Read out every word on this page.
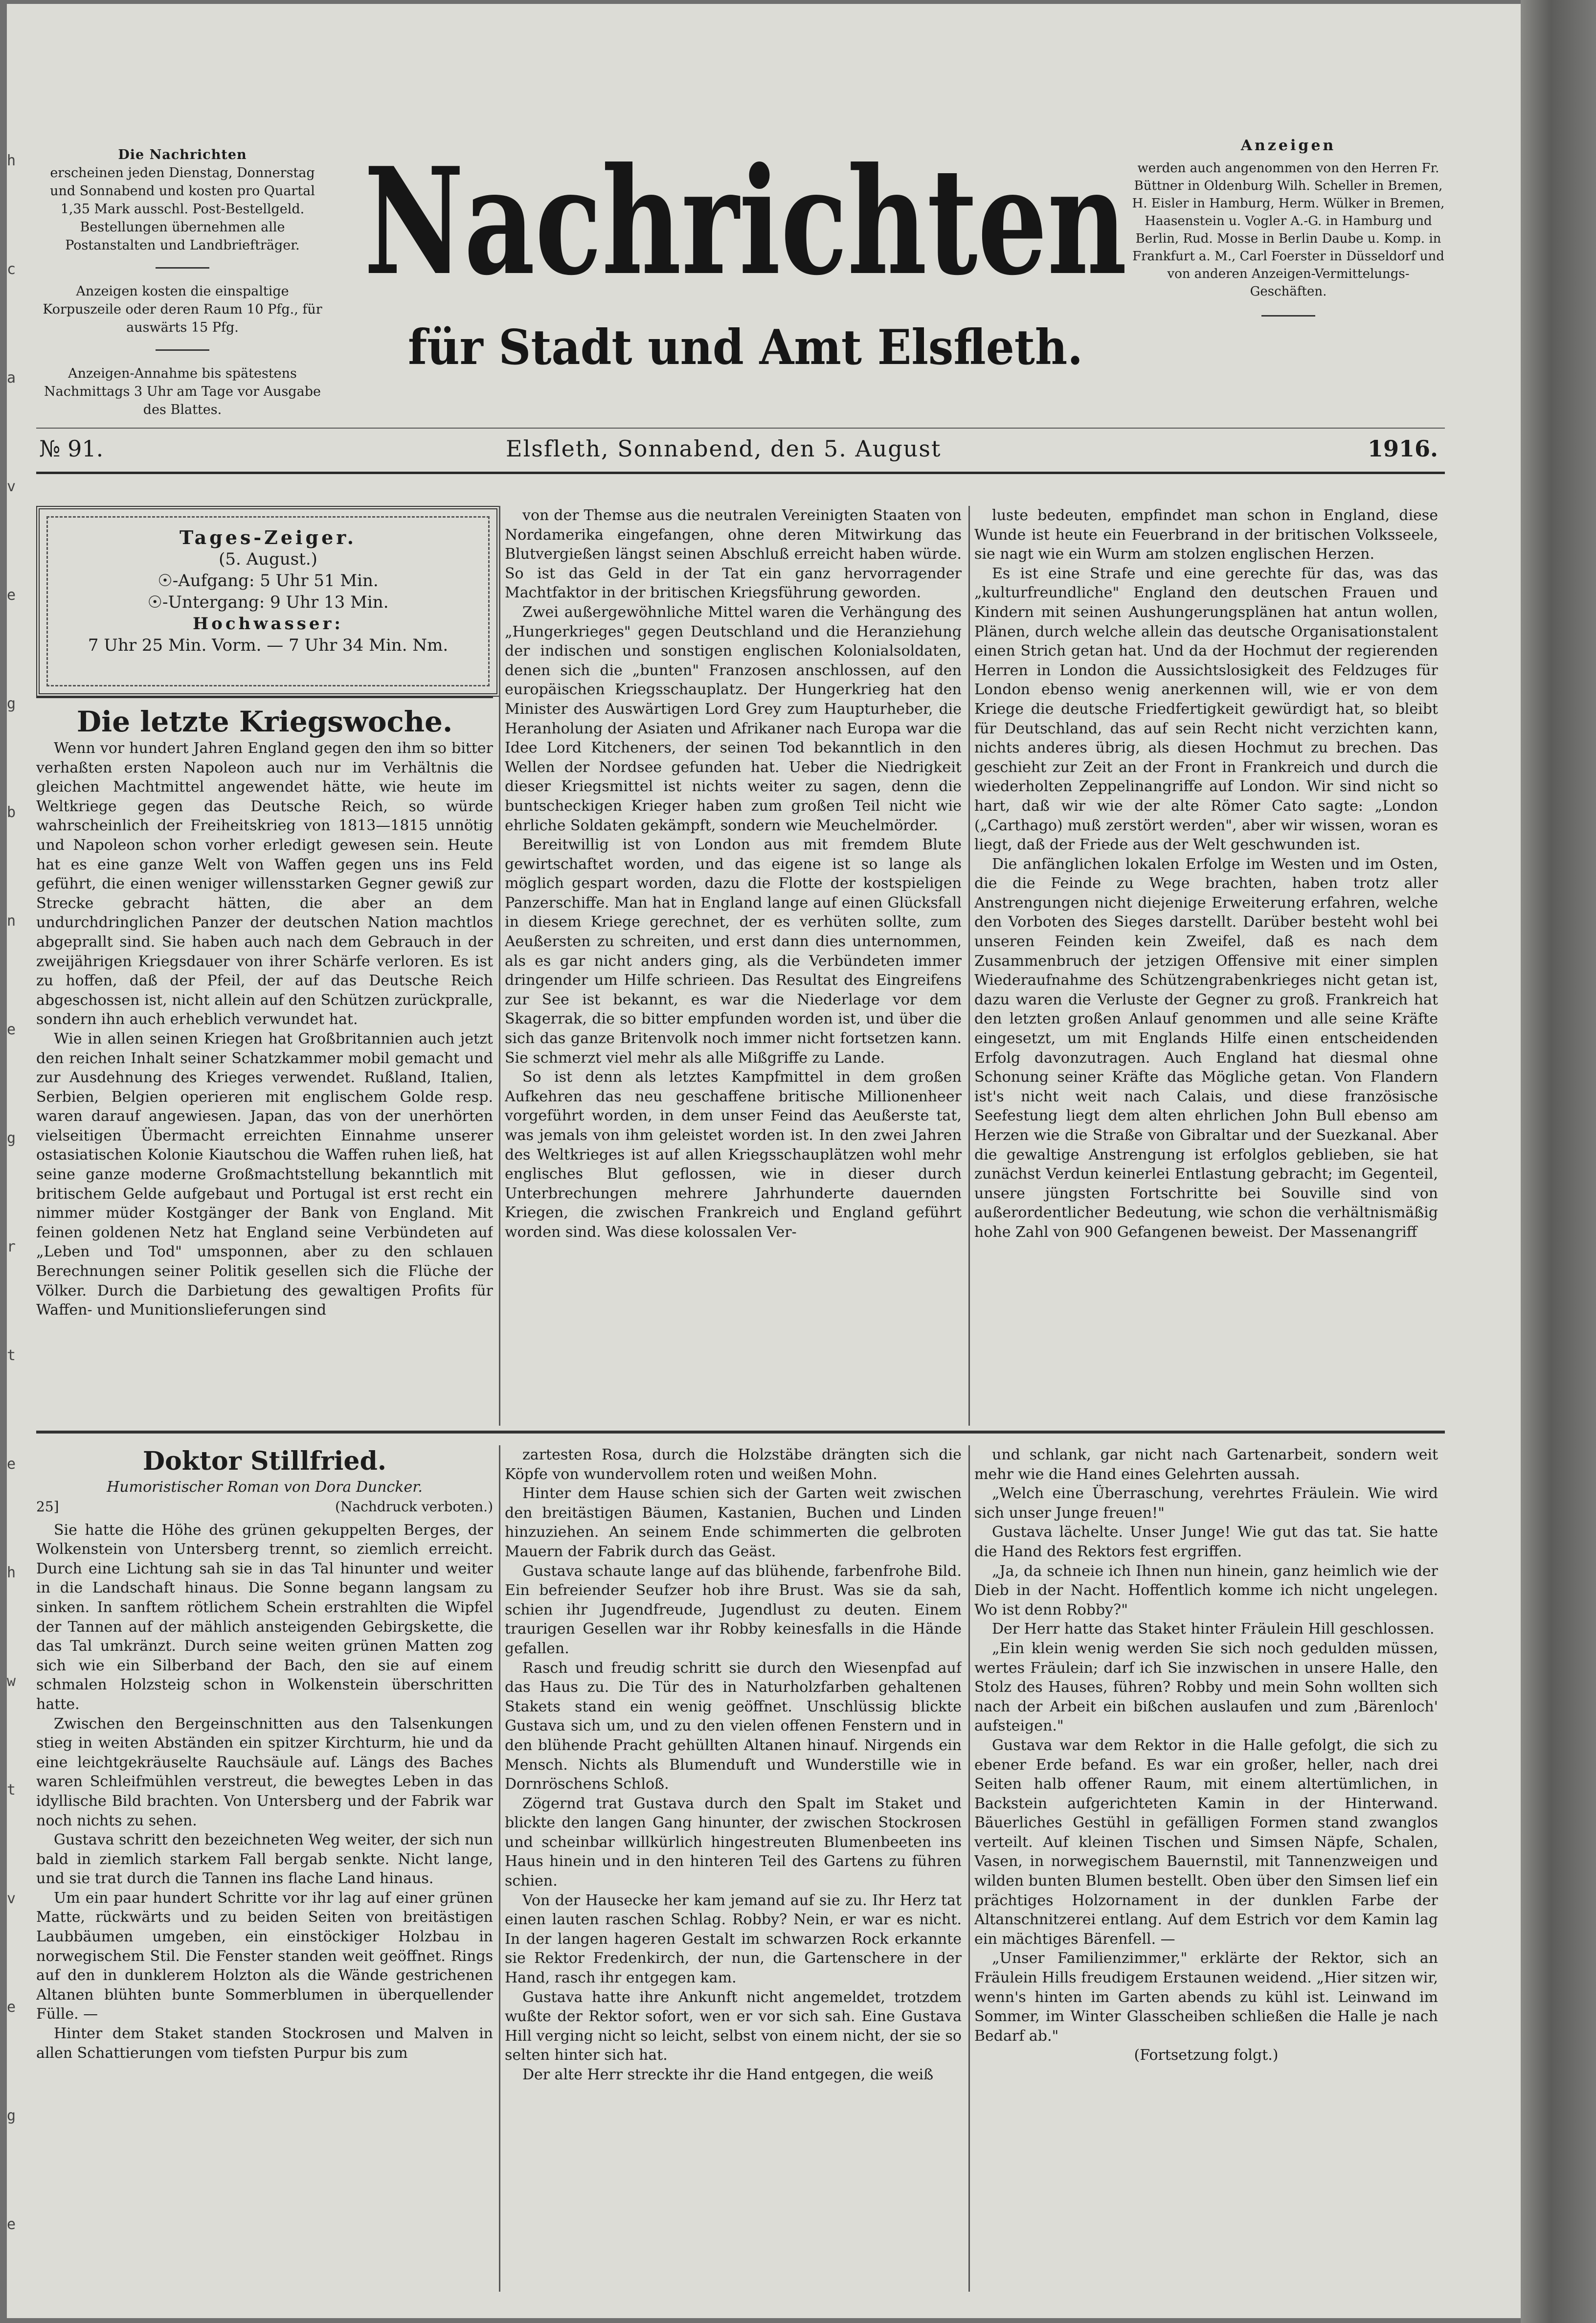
h
c
a
v
e
g
b
n
e
g
r
t
e
h
w
t
v
e
g
e

Die Nachrichten
erscheinen jeden Dienstag, Donnerstag und Sonnabend und kosten pro Quartal 1,35 Mark ausschl. Post-Bestellgeld. Bestellungen übernehmen alle Postanstalten und Landbriefträger.

Anzeigen kosten die einspaltige Korpuszeile oder deren Raum 10 Pfg., für auswärts 15 Pfg.

Anzeigen-Annahme bis spätestens Nachmittags 3 Uhr am Tage vor Ausgabe des Blattes.

Nachrichten
für Stadt und Amt Elsfleth.
Anzeigen
werden auch angenommen von den Herren Fr. Büttner in Oldenburg Wilh. Scheller in Bremen, H. Eisler in Hamburg, Herm. Wülker in Bremen, Haasenstein u. Vogler A.-G. in Hamburg und Berlin, Rud. Mosse in Berlin Daube u. Komp. in Frankfurt a. M., Carl Foerster in Düsseldorf und von anderen Anzeigen-Vermittelungs-Geschäften.
№ 91.	Elsfleth, Sonnabend, den 5. August	1916.
Tages-Zeiger.
(5. August.)
☉-Aufgang: 5 Uhr 51 Min.
☉-Untergang: 9 Uhr 13 Min.
Hochwasser:
7 Uhr 25 Min. Vorm. — 7 Uhr 34 Min. Nm.

Die letzte Kriegswoche.

Wenn vor hundert Jahren England gegen den ihm so bitter verhaßten ersten Napoleon auch nur im Verhältnis die gleichen Machtmittel angewendet hätte, wie heute im Weltkriege gegen das Deutsche Reich, so würde wahrscheinlich der Freiheitskrieg von 1813—1815 unnötig und Napoleon schon vorher erledigt gewesen sein. Heute hat es eine ganze Welt von Waffen gegen uns ins Feld geführt, die einen weniger willensstarken Gegner gewiß zur Strecke gebracht hätten, die aber an dem undurchdringlichen Panzer der deutschen Nation machtlos abgeprallt sind. Sie haben auch nach dem Gebrauch in der zweijährigen Kriegsdauer von ihrer Schärfe verloren. Es ist zu hoffen, daß der Pfeil, der auf das Deutsche Reich abgeschossen ist, nicht allein auf den Schützen zurückpralle, sondern ihn auch erheblich verwundet hat.

Wie in allen seinen Kriegen hat Großbritannien auch jetzt den reichen Inhalt seiner Schatzkammer mobil gemacht und zur Ausdehnung des Krieges verwendet. Rußland, Italien, Serbien, Belgien operieren mit englischem Golde resp. waren darauf angewiesen. Japan, das von der unerhörten vielseitigen Übermacht erreichten Einnahme unserer ostasiatischen Kolonie Kiautschou die Waffen ruhen ließ, hat seine ganze moderne Großmachtstellung bekanntlich mit britischem Gelde aufgebaut und Portugal ist erst recht ein nimmer müder Kostgänger der Bank von England. Mit feinen goldenen Netz hat England seine Verbündeten auf „Leben und Tod" umsponnen, aber zu den schlauen Berechnungen seiner Politik gesellen sich die Flüche der Völker. Durch die Darbietung des gewaltigen Profits für Waffen- und Munitionslieferungen sind

von der Themse aus die neutralen Vereinigten Staaten von Nordamerika eingefangen, ohne deren Mitwirkung das Blutvergießen längst seinen Abschluß erreicht haben würde. So ist das Geld in der Tat ein ganz hervorragender Machtfaktor in der britischen Kriegsführung geworden.

Zwei außergewöhnliche Mittel waren die Verhängung des „Hungerkrieges" gegen Deutschland und die Heranziehung der indischen und sonstigen englischen Kolonialsoldaten, denen sich die „bunten" Franzosen anschlossen, auf den europäischen Kriegsschauplatz. Der Hungerkrieg hat den Minister des Auswärtigen Lord Grey zum Haupturheber, die Heranholung der Asiaten und Afrikaner nach Europa war die Idee Lord Kitcheners, der seinen Tod bekanntlich in den Wellen der Nordsee gefunden hat. Ueber die Niedrigkeit dieser Kriegsmittel ist nichts weiter zu sagen, denn die buntscheckigen Krieger haben zum großen Teil nicht wie ehrliche Soldaten gekämpft, sondern wie Meuchelmörder.

Bereitwillig ist von London aus mit fremdem Blute gewirtschaftet worden, und das eigene ist so lange als möglich gespart worden, dazu die Flotte der kostspieligen Panzerschiffe. Man hat in England lange auf einen Glücksfall in diesem Kriege gerechnet, der es verhüten sollte, zum Aeußersten zu schreiten, und erst dann dies unternommen, als es gar nicht anders ging, als die Verbündeten immer dringender um Hilfe schrieen. Das Resultat des Eingreifens zur See ist bekannt, es war die Niederlage vor dem Skagerrak, die so bitter empfunden worden ist, und über die sich das ganze Britenvolk noch immer nicht fortsetzen kann. Sie schmerzt viel mehr als alle Mißgriffe zu Lande.

So ist denn als letztes Kampfmittel in dem großen Aufkehren das neu geschaffene britische Millionenheer vorgeführt worden, in dem unser Feind das Aeußerste tat, was jemals von ihm geleistet worden ist. In den zwei Jahren des Weltkrieges ist auf allen Kriegsschauplätzen wohl mehr englisches Blut geflossen, wie in dieser durch Unterbrechungen mehrere Jahrhunderte dauernden Kriegen, die zwischen Frankreich und England geführt worden sind. Was diese kolossalen Ver-

luste bedeuten, empfindet man schon in England, diese Wunde ist heute ein Feuerbrand in der britischen Volksseele, sie nagt wie ein Wurm am stolzen englischen Herzen.

Es ist eine Strafe und eine gerechte für das, was das „kulturfreundliche" England den deutschen Frauen und Kindern mit seinen Aushungerungsplänen hat antun wollen, Plänen, durch welche allein das deutsche Organisationstalent einen Strich getan hat. Und da der Hochmut der regierenden Herren in London die Aussichtslosigkeit des Feldzuges für London ebenso wenig anerkennen will, wie er von dem Kriege die deutsche Friedfertigkeit gewürdigt hat, so bleibt für Deutschland, das auf sein Recht nicht verzichten kann, nichts anderes übrig, als diesen Hochmut zu brechen. Das geschieht zur Zeit an der Front in Frankreich und durch die wiederholten Zeppelinangriffe auf London. Wir sind nicht so hart, daß wir wie der alte Römer Cato sagte: „London („Carthago) muß zerstört werden", aber wir wissen, woran es liegt, daß der Friede aus der Welt geschwunden ist.

Die anfänglichen lokalen Erfolge im Westen und im Osten, die die Feinde zu Wege brachten, haben trotz aller Anstrengungen nicht diejenige Erweiterung erfahren, welche den Vorboten des Sieges darstellt. Darüber besteht wohl bei unseren Feinden kein Zweifel, daß es nach dem Zusammenbruch der jetzigen Offensive mit einer simplen Wiederaufnahme des Schützengrabenkrieges nicht getan ist, dazu waren die Verluste der Gegner zu groß. Frankreich hat den letzten großen Anlauf genommen und alle seine Kräfte eingesetzt, um mit Englands Hilfe einen entscheidenden Erfolg davonzutragen. Auch England hat diesmal ohne Schonung seiner Kräfte das Mögliche getan. Von Flandern ist's nicht weit nach Calais, und diese französische Seefestung liegt dem alten ehrlichen John Bull ebenso am Herzen wie die Straße von Gibraltar und der Suezkanal. Aber die gewaltige Anstrengung ist erfolglos geblieben, sie hat zunächst Verdun keinerlei Entlastung gebracht; im Gegenteil, unsere jüngsten Fortschritte bei Souville sind von außerordentlicher Bedeutung, wie schon die verhältnismäßig hohe Zahl von 900 Gefangenen beweist. Der Massenangriff

Doktor Stillfried.
Humoristischer Roman von Dora Duncker.
25]	(Nachdruck verboten.)

Sie hatte die Höhe des grünen gekuppelten Berges, der Wolkenstein von Untersberg trennt, so ziemlich erreicht. Durch eine Lichtung sah sie in das Tal hinunter und weiter in die Landschaft hinaus. Die Sonne begann langsam zu sinken. In sanftem rötlichem Schein erstrahlten die Wipfel der Tannen auf der mählich ansteigenden Gebirgskette, die das Tal umkränzt. Durch seine weiten grünen Matten zog sich wie ein Silberband der Bach, den sie auf einem schmalen Holzsteig schon in Wolkenstein überschritten hatte.

Zwischen den Bergeinschnitten aus den Talsenkungen stieg in weiten Abständen ein spitzer Kirchturm, hie und da eine leichtgekräuselte Rauchsäule auf. Längs des Baches waren Schleifmühlen verstreut, die bewegtes Leben in das idyllische Bild brachten. Von Untersberg und der Fabrik war noch nichts zu sehen.

Gustava schritt den bezeichneten Weg weiter, der sich nun bald in ziemlich starkem Fall bergab senkte. Nicht lange, und sie trat durch die Tannen ins flache Land hinaus.

Um ein paar hundert Schritte vor ihr lag auf einer grünen Matte, rückwärts und zu beiden Seiten von breitästigen Laubbäumen umgeben, ein einstöckiger Holzbau in norwegischem Stil. Die Fenster standen weit geöffnet. Rings auf den in dunklerem Holzton als die Wände gestrichenen Altanen blühten bunte Sommerblumen in überquellender Fülle. —

Hinter dem Staket standen Stockrosen und Malven in allen Schattierungen vom tiefsten Purpur bis zum

zartesten Rosa, durch die Holzstäbe drängten sich die Köpfe von wundervollem roten und weißen Mohn.

Hinter dem Hause schien sich der Garten weit zwischen den breitästigen Bäumen, Kastanien, Buchen und Linden hinzuziehen. An seinem Ende schimmerten die gelbroten Mauern der Fabrik durch das Geäst.

Gustava schaute lange auf das blühende, farbenfrohe Bild. Ein befreiender Seufzer hob ihre Brust. Was sie da sah, schien ihr Jugendfreude, Jugendlust zu deuten. Einem traurigen Gesellen war ihr Robby keinesfalls in die Hände gefallen.

Rasch und freudig schritt sie durch den Wiesenpfad auf das Haus zu. Die Tür des in Naturholzfarben gehaltenen Stakets stand ein wenig geöffnet. Unschlüssig blickte Gustava sich um, und zu den vielen offenen Fenstern und in den blühende Pracht gehüllten Altanen hinauf. Nirgends ein Mensch. Nichts als Blumenduft und Wunderstille wie in Dornröschens Schloß.

Zögernd trat Gustava durch den Spalt im Staket und blickte den langen Gang hinunter, der zwischen Stockrosen und scheinbar willkürlich hingestreuten Blumenbeeten ins Haus hinein und in den hinteren Teil des Gartens zu führen schien.

Von der Hausecke her kam jemand auf sie zu. Ihr Herz tat einen lauten raschen Schlag. Robby? Nein, er war es nicht. In der langen hageren Gestalt im schwarzen Rock erkannte sie Rektor Fredenkirch, der nun, die Gartenschere in der Hand, rasch ihr entgegen kam.

Gustava hatte ihre Ankunft nicht angemeldet, trotzdem wußte der Rektor sofort, wen er vor sich sah. Eine Gustava Hill verging nicht so leicht, selbst von einem nicht, der sie so selten hinter sich hat.

Der alte Herr streckte ihr die Hand entgegen, die weiß

und schlank, gar nicht nach Gartenarbeit, sondern weit mehr wie die Hand eines Gelehrten aussah.

„Welch eine Überraschung, verehrtes Fräulein. Wie wird sich unser Junge freuen!"

Gustava lächelte. Unser Junge! Wie gut das tat. Sie hatte die Hand des Rektors fest ergriffen.

„Ja, da schneie ich Ihnen nun hinein, ganz heimlich wie der Dieb in der Nacht. Hoffentlich komme ich nicht ungelegen. Wo ist denn Robby?"

Der Herr hatte das Staket hinter Fräulein Hill geschlossen.

„Ein klein wenig werden Sie sich noch gedulden müssen, wertes Fräulein; darf ich Sie inzwischen in unsere Halle, den Stolz des Hauses, führen? Robby und mein Sohn wollten sich nach der Arbeit ein bißchen auslaufen und zum ‚Bärenloch' aufsteigen."

Gustava war dem Rektor in die Halle gefolgt, die sich zu ebener Erde befand. Es war ein großer, heller, nach drei Seiten halb offener Raum, mit einem altertümlichen, in Backstein aufgerichteten Kamin in der Hinterwand. Bäuerliches Gestühl in gefälligen Formen stand zwanglos verteilt. Auf kleinen Tischen und Simsen Näpfe, Schalen, Vasen, in norwegischem Bauernstil, mit Tannenzweigen und wilden bunten Blumen bestellt. Oben über den Simsen lief ein prächtiges Holzornament in der dunklen Farbe der Altanschnitzerei entlang. Auf dem Estrich vor dem Kamin lag ein mächtiges Bärenfell. —

„Unser Familienzimmer," erklärte der Rektor, sich an Fräulein Hills freudigem Erstaunen weidend. „Hier sitzen wir, wenn's hinten im Garten abends zu kühl ist. Leinwand im Sommer, im Winter Glasscheiben schließen die Halle je nach Bedarf ab."

(Fortsetzung folgt.)
